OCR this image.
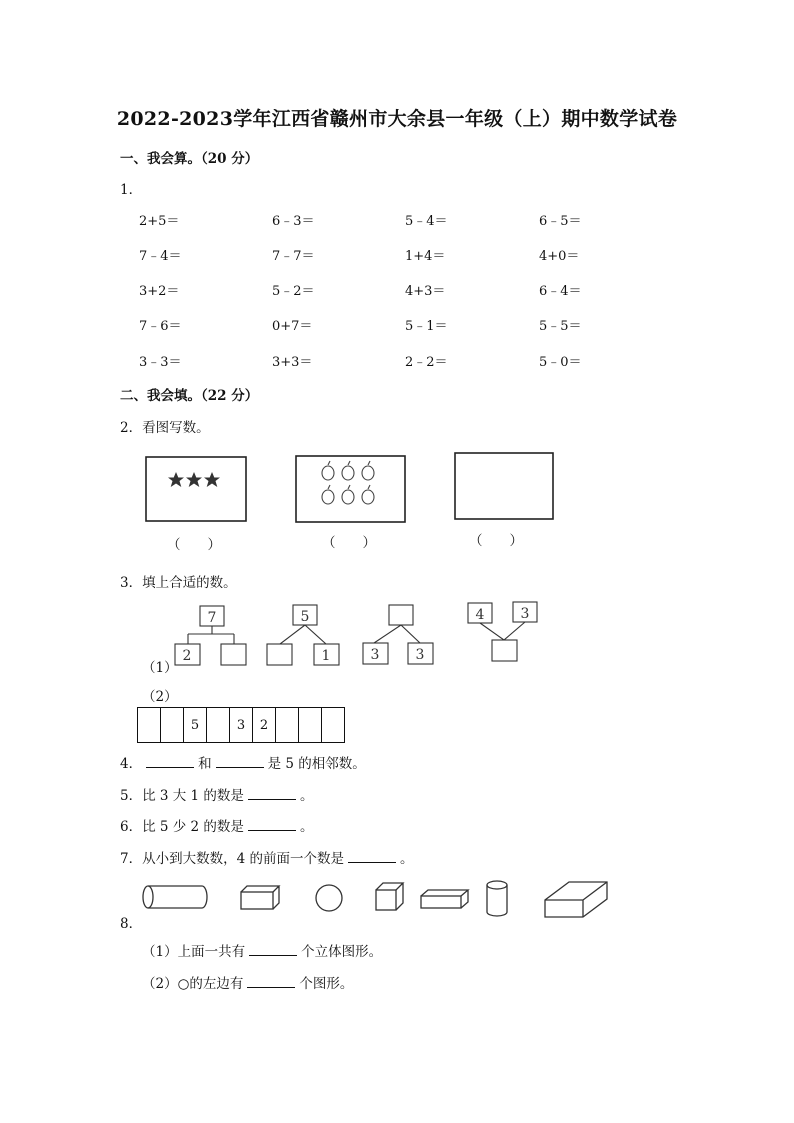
2022-2023学年江西省赣州市大余县一年级（上）期中数学试卷
一、我会算。（20 分）
1．
2+5＝	6﹣3＝	5﹣4＝	6﹣5＝
7﹣4＝	7﹣7＝	1+4＝	4+0＝
3+2＝	5﹣2＝	4+3＝	6﹣4＝
7﹣6＝	0+7＝	5﹣1＝	5﹣5＝
3﹣3＝	3+3＝	2﹣2＝	5﹣0＝
二、我会填。（22 分）
2．看图写数。
（　　）	（　　）	（　　）
3．填上合适的数。
7
2
5
1	3	3
4	3
（1）
（2）
5	3	2
4．	和	是 5 的相邻数。
5．比 3 大 1 的数是	。
6．比 5 少 2 的数是	。
7．从小到大数数，4 的前面一个数是	。
8．
（1）上面一共有	个立体图形。
（2）○的左边有	个图形。
